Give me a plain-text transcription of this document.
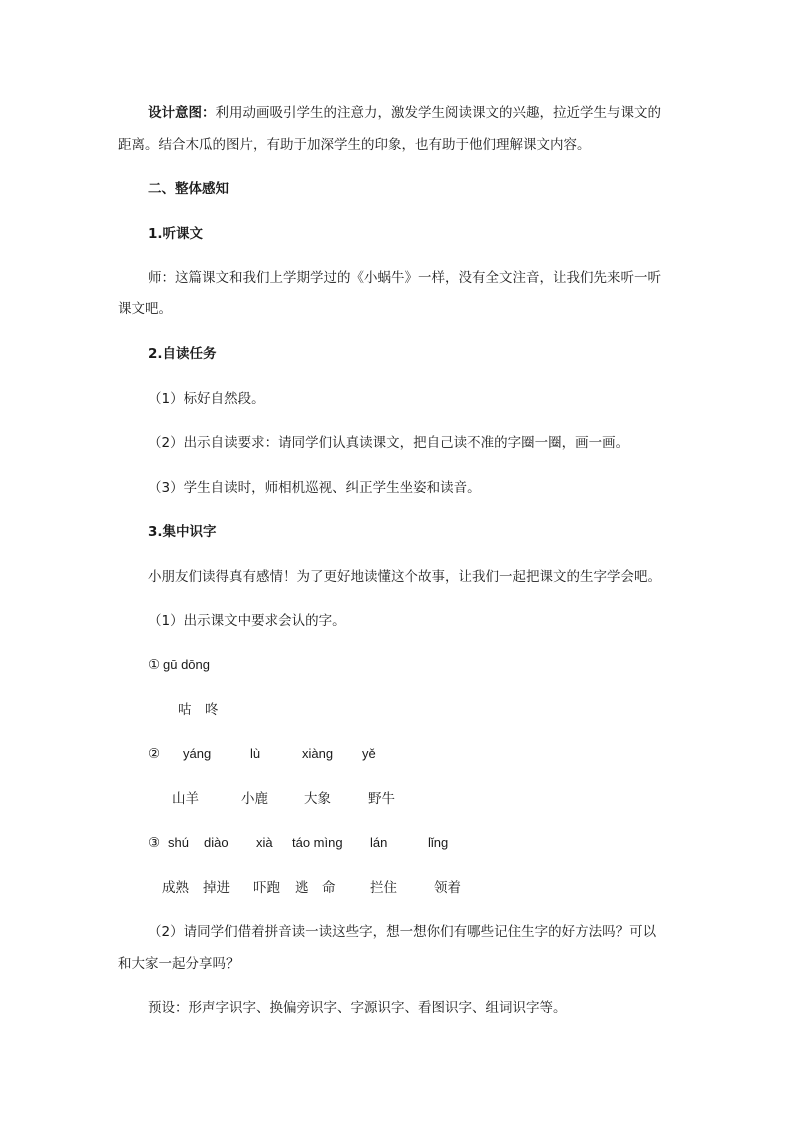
设计意图：利用动画吸引学生的注意力，激发学生阅读课文的兴趣，拉近学生与课文的
距离。结合木瓜的图片，有助于加深学生的印象，也有助于他们理解课文内容。
二、整体感知
1.听课文
师：这篇课文和我们上学期学过的《小蜗牛》一样，没有全文注音，让我们先来听一听
课文吧。
2.自读任务
（1）标好自然段。
（2）出示自读要求：请同学们认真读课文，把自己读不准的字圈一圈，画一画。
（3）学生自读时，师相机巡视、纠正学生坐姿和读音。
3.集中识字
小朋友们读得真有感情！为了更好地读懂这个故事，让我们一起把课文的生字学会吧。
（1）出示课文中要求会认的字。
① gū dōng
咕　咚
② yáng	lù	xiàng yě
山羊	小鹿	大象	野牛
③ shú diào xià táo mìng lán	lǐng
成熟 掉进 吓跑 逃　命	拦住	领着
（2）请同学们借着拼音读一读这些字，想一想你们有哪些记住生字的好方法吗？可以
和大家一起分享吗？
预设：形声字识字、换偏旁识字、字源识字、看图识字、组词识字等。
